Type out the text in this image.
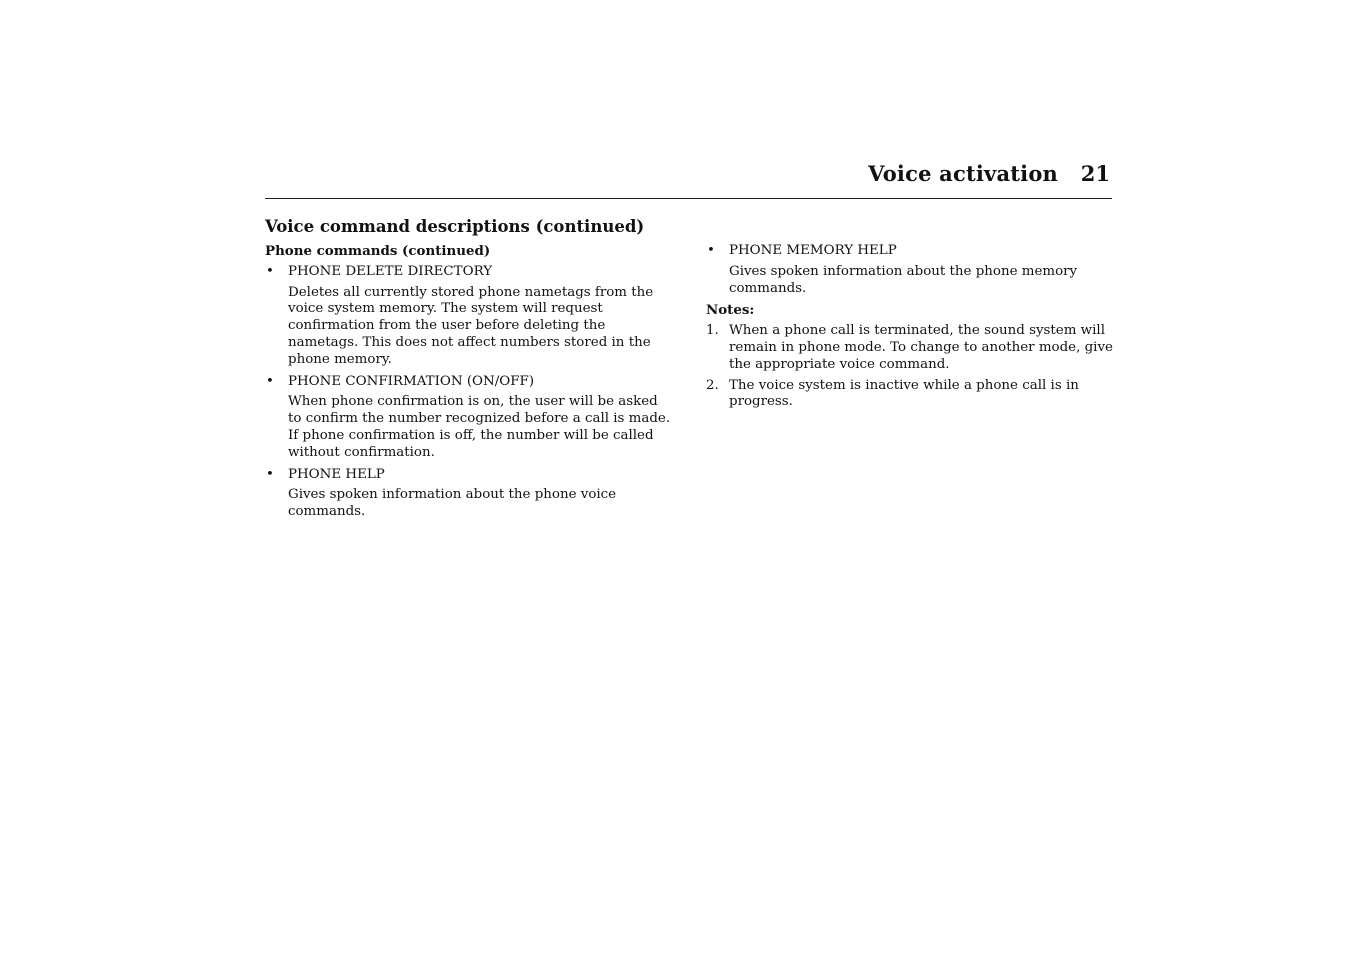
Voice activation 21
Voice command descriptions (continued)
Phone commands (continued)
• PHONE DELETE DIRECTORY
Deletes all currently stored phone nametags from the voice system memory. The system will request confirmation from the user before deleting the nametags. This does not affect numbers stored in the phone memory.
• PHONE CONFIRMATION (ON/OFF)
When phone confirmation is on, the user will be asked to confirm the number recognized before a call is made. If phone confirmation is off, the number will be called without confirmation.
• PHONE HELP
Gives spoken information about the phone voice commands.
• PHONE MEMORY HELP
Gives spoken information about the phone memory commands.
Notes:
1. When a phone call is terminated, the sound system will remain in phone mode. To change to another mode, give the appropriate voice command.
2. The voice system is inactive while a phone call is in progress.
